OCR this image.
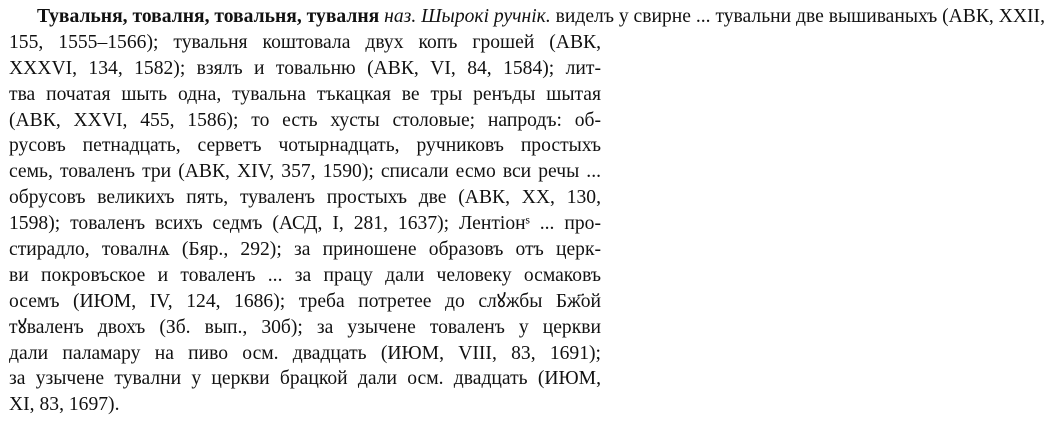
Тувальня, товалня, товальня, тувалня наз. Шырокі ручнік. виделъ у свирне ... тувальни две вышиваныхъ (АВК, XXII,
155, 1555–1566); тувальня коштовала двух копъ грошей (АВК,
XXXVI, 134, 1582); взялъ и товальню (АВК, VI, 84, 1584); лит-
тва початая шыть одна, тувальна тъкацкая ве тры ренъды шытая
(АВК, XXVI, 455, 1586); то есть хусты столовые; напродъ: об-
русовъ петнадцать, серветъ чотырнадцать, ручниковъ простыхъ
семь, товаленъ три (АВК, XIV, 357, 1590); списали есмо вси речы ...
обрусовъ великихъ пять, туваленъ простыхъ две (АВК, XX, 130,
1598); товаленъ всихъ седмъ (АСД, I, 281, 1637); Лентіонˢ ... про-
стирадло, товалнѧ (Бяр., 292); за приношене образовъ отъ церк-
ви покровъское и товаленъ ... за працу дали человеку осмаковъ
осемъ (ИЮМ, IV, 124, 1686); треба потретее до слꙋжбы Бж҃ой
тꙋваленъ двохъ (Зб. вып., 30б); за узычене товаленъ у церкви
дали паламару на пиво осм. двадцать (ИЮМ, VIII, 83, 1691);
за узычене тувални у церкви брацкой дали осм. двадцать (ИЮМ,
XI, 83, 1697).
